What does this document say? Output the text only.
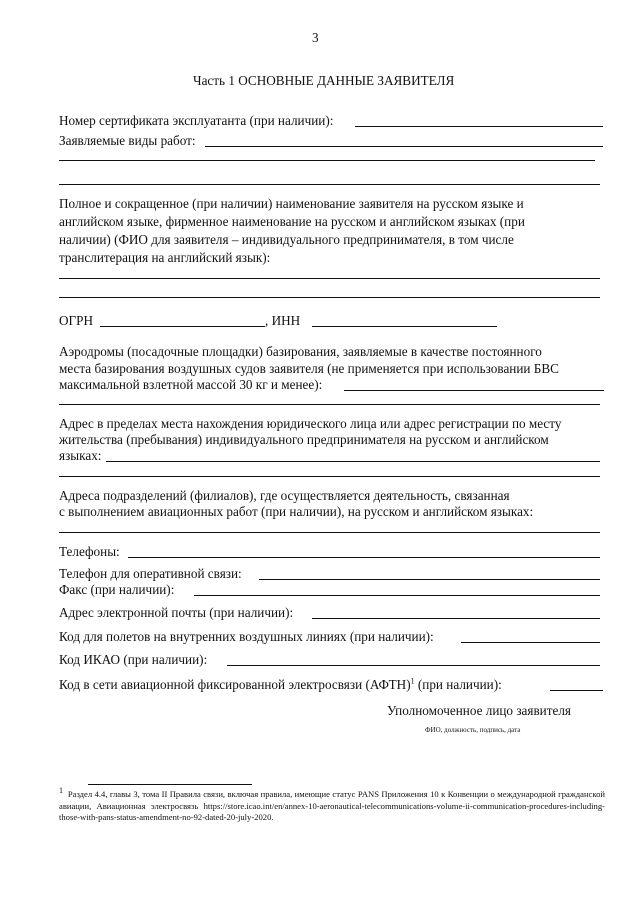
3
Часть 1 ОСНОВНЫЕ ДАННЫЕ ЗАЯВИТЕЛЯ
Номер сертификата эксплуатанта (при наличии):
Заявляемые виды работ:
Полное и сокращенное (при наличии) наименование заявителя на русском языке и
английском языке, фирменное наименование на русском и английском языках (при
наличии) (ФИО для заявителя – индивидуального предпринимателя, в том числе
транслитерация на английский язык):
ОГРН	, ИНН
Аэродромы (посадочные площадки) базирования, заявляемые в качестве постоянного
места базирования воздушных судов заявителя (не применяется при использовании БВС
максимальной взлетной массой 30 кг и менее):
Адрес в пределах места нахождения юридического лица или адрес регистрации по месту
жительства (пребывания) индивидуального предпринимателя на русском и английском
языках:
Адреса подразделений (филиалов), где осуществляется деятельность, связанная
с выполнением авиационных работ (при наличии), на русском и английском языках:
Телефоны:
Телефон для оперативной связи:
Факс (при наличии):
Адрес электронной почты (при наличии):
Код для полетов на внутренних воздушных линиях (при наличии):
Код ИКАО (при наличии):
Код в сети авиационной фиксированной электросвязи (АФТН)$^1$ (при наличии):
Уполномоченное лицо заявителя
ФИО, должность, подпись, дата
$^1$ Раздел 4.4, главы 3, тома II Правила связи, включая правила, имеющие статус PANS Приложения 10 к Конвенции о международной гражданской авиации, Авиационная электросвязь https://store.icao.int/en/annex-10-aeronautical-telecommunications-volume-ii-communication-procedures-including-those-with-pans-status-amendment-no-92-dated-20-july-2020.
